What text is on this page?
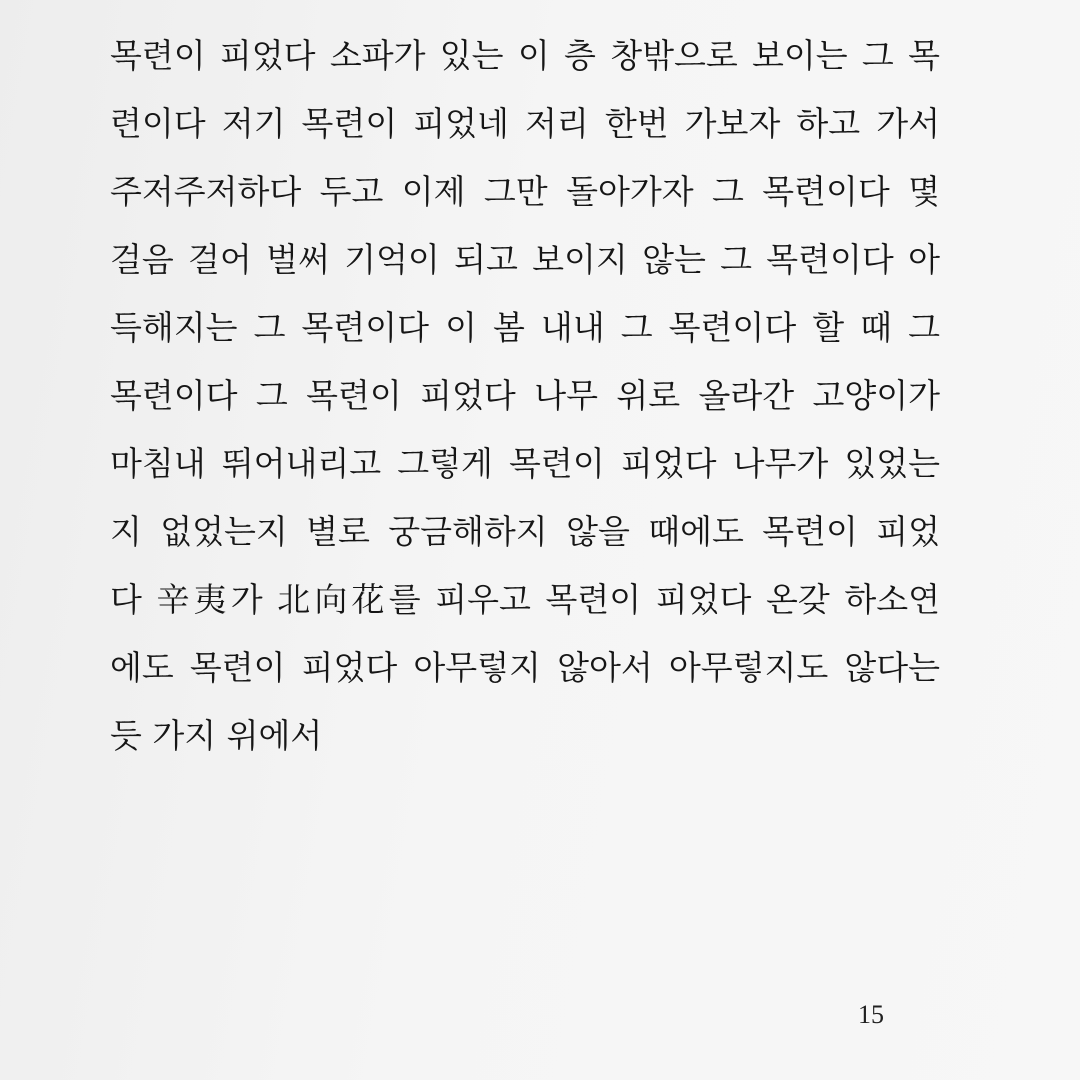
목련이 피었다 소파가 있는 이 층 창밖으로 보이는 그 목
련이다 저기 목련이 피었네 저리 한번 가보자 하고 가서
주저주저하다 두고 이제 그만 돌아가자 그 목련이다 몇
걸음 걸어 벌써 기억이 되고 보이지 않는 그 목련이다 아
득해지는 그 목련이다 이 봄 내내 그 목련이다 할 때 그
목련이다 그 목련이 피었다 나무 위로 올라간 고양이가
마침내 뛰어내리고 그렇게 목련이 피었다 나무가 있었는
지 없었는지 별로 궁금해하지 않을 때에도 목련이 피었
다 辛夷가 北向花를 피우고 목련이 피었다 온갖 하소연
에도 목련이 피었다 아무렇지 않아서 아무렇지도 않다는
듯 가지 위에서
15
